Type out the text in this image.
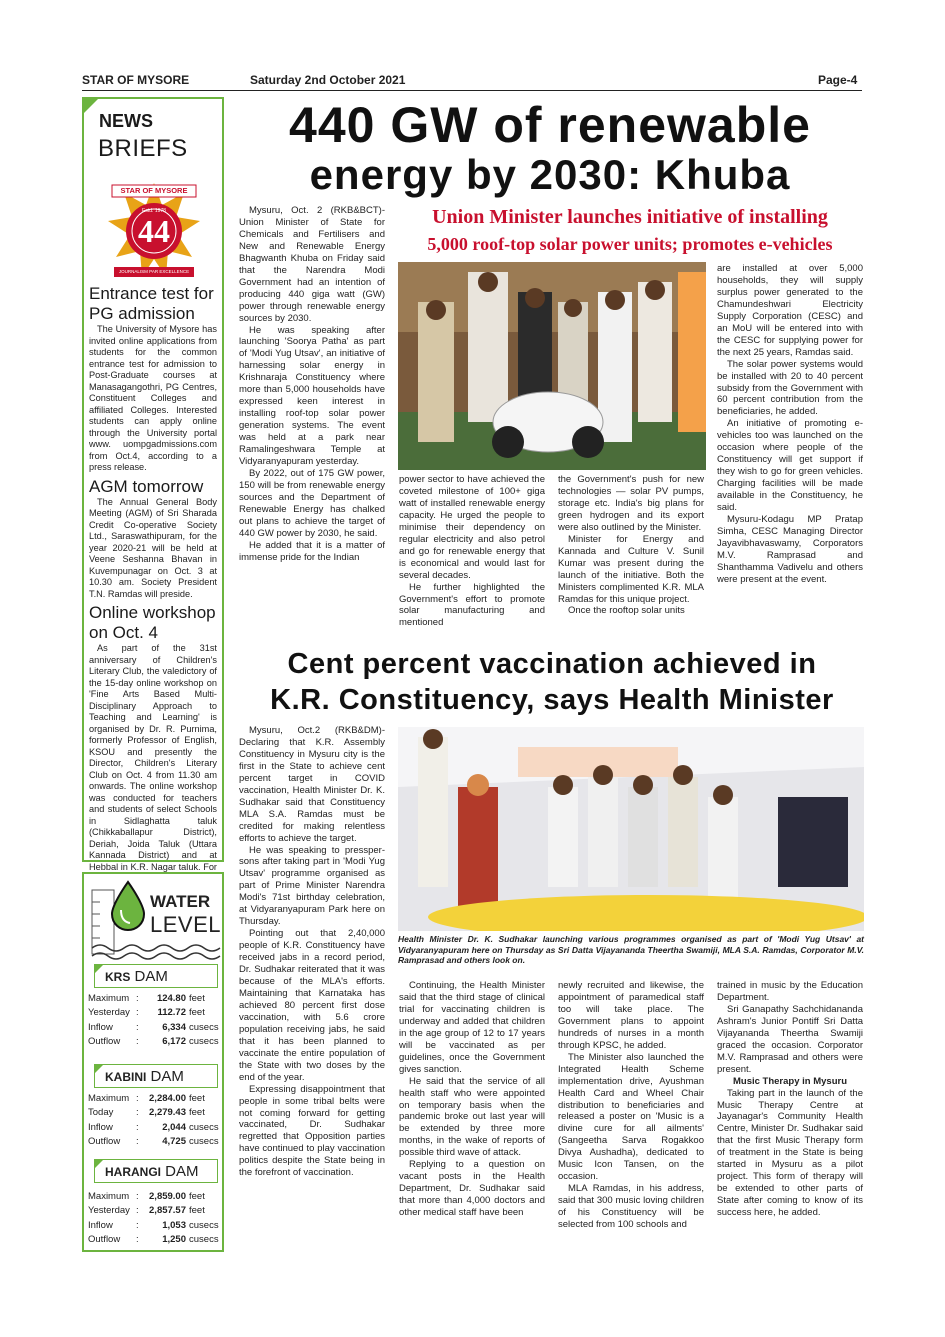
STAR OF MYSORE	Saturday 2nd October 2021	Page-4
NEWS
BRIEFS
STAR OF MYSORE
Estd. 1978
44
JOURNALISM PAR EXCELLENCE
Entrance test for PG admission
The University of Mysore has invited online applications from students for the common entrance test for admission to Post-Graduate courses at Manasagangothri, PG Centres, Constituent Colleges and affiliated Colleges. Interested students can apply online through the University portal www. uompgadmissions.com from Oct.4, according to a press release.
AGM tomorrow
The Annual General Body Meeting (AGM) of Sri Sharada Credit Co-operative Society Ltd., Saraswathipuram, for the year 2020-21 will be held at Veene Seshanna Bhavan in Kuvempunagar on Oct. 3 at 10.30 am. Society President T.N. Ramdas will preside.
Online workshop on Oct. 4
As part of the 31st anniversary of Children's Literary Club, the valedictory of the 15-day online workshop on 'Fine Arts Based Multi-Disciplinary Approach to Teaching and Learning' is organised by Dr. R. Purnima, formerly Professor of English, KSOU and presently the Director, Children's Literary Club on Oct. 4 from 11.30 am onwards. The online workshop was conducted for teachers and students of select Schools in Sidlaghatta taluk (Chikkaballapur District), Deriah, Joida Taluk (Uttara Kannada District) and at Hebbal in K.R. Nagar taluk. For
WATER
LEVEL
KRS DAM
Maximum :	124.80 feet
Yesterday :	112.72 feet
Inflow :	6,334 cusecs
Outflow :	6,172 cusecs
KABINI DAM
Maximum :	2,284.00 feet
Today :	2,279.43 feet
Inflow :	2,044 cusecs
Outflow :	4,725 cusecs
HARANGI DAM
Maximum :	2,859.00 feet
Yesterday :	2,857.57 feet
Inflow :	1,053 cusecs
Outflow :	1,250 cusecs
440 GW of renewable
energy by 2030: Khuba
Union Minister launches initiative of installing
5,000 roof-top solar power units; promotes e-vehicles

Mysuru, Oct. 2 (RKB&BCT)- Union Minister of State for Chemicals and Fertilisers and New and Renewable Energy Bhagwanth Khuba on Friday said that the Narendra Modi Government had an intention of producing 440 giga watt (GW) power through renewable energy sources by 2030.

He was speaking after launching 'Soorya Patha' as part of 'Modi Yug Utsav', an initiative of harnessing solar energy in Krishnaraja Constituency where more than 5,000 households have expressed keen interest in installing roof-top solar power generation systems. The event was held at a park near Ramalingeshwara Temple at Vidyaranyapuram yesterday.

By 2022, out of 175 GW power, 150 will be from renewable energy sources and the Department of Renewable Energy has chalked out plans to achieve the target of 440 GW power by 2030, he said.

He added that it is a matter of immense pride for the Indian

power sector to have achieved the coveted milestone of 100+ giga watt of installed renewable energy capacity. He urged the people to minimise their dependency on regular electricity and also petrol and go for renewable energy that is economical and would last for several decades.

He further highlighted the Government's effort to promote solar manufacturing and mentioned

the Government's push for new technologies — solar PV pumps, storage etc. India's big plans for green hydrogen and its export were also outlined by the Minister.

Minister for Energy and Kannada and Culture V. Sunil Kumar was present during the launch of the initiative. Both the Ministers complimented K.R. MLA Ramdas for this unique project.

Once the rooftop solar units

are installed at over 5,000 households, they will supply surplus power generated to the Chamundeshwari Electricity Supply Corporation (CESC) and an MoU will be entered into with the CESC for supplying power for the next 25 years, Ramdas said.

The solar power systems would be installed with 20 to 40 percent subsidy from the Government with 60 percent contribution from the beneficiaries, he added.

An initiative of promoting e-vehicles too was launched on the occasion where people of the Constituency will get support if they wish to go for green vehicles. Charging facilities will be made available in the Constituency, he said.

Mysuru-Kodagu MP Pratap Simha, CESC Managing Director Jayavibhavaswamy, Corporators M.V. Ramprasad and Shanthamma Vadivelu and others were present at the event.

Cent percent vaccination achieved in
K.R. Constituency, says Health Minister

Mysuru, Oct.2 (RKB&DM)- Declaring that K.R. Assembly Constituency in Mysuru city is the first in the State to achieve cent percent target in COVID vaccination, Health Minister Dr. K. Sudhakar said that Constituency MLA S.A. Ramdas must be credited for making relentless efforts to achieve the target.

He was speaking to pressper-sons after taking part in 'Modi Yug Utsav' programme organised as part of Prime Minister Narendra Modi's 71st birthday celebration, at Vidyaranyapuram Park here on Thursday.

Pointing out that 2,40,000 people of K.R. Constituency have received jabs in a record period, Dr. Sudhakar reiterated that it was because of the MLA's efforts. Maintaining that Karnataka has achieved 80 percent first dose vaccination, with 5.6 crore population receiving jabs, he said that it has been planned to vaccinate the entire population of the State with two doses by the end of the year.

Expressing disappointment that people in some tribal belts were not coming forward for getting vaccinated, Dr. Sudhakar regretted that Opposition parties have continued to play vaccination politics despite the State being in the forefront of vaccination.

Health Minister Dr. K. Sudhakar launching various programmes organised as part of 'Modi Yug Utsav' at Vidyaranyapuram here on Thursday as Sri Datta Vijayananda Theertha Swamiji, MLA S.A. Ramdas, Corporator M.V. Ramprasad and others look on.

Continuing, the Health Minister said that the third stage of clinical trial for vaccinating children is underway and added that children in the age group of 12 to 17 years will be vaccinated as per guidelines, once the Government gives sanction.

He said that the service of all health staff who were appointed on temporary basis when the pandemic broke out last year will be extended by three more months, in the wake of reports of possible third wave of attack.

Replying to a question on vacant posts in the Health Department, Dr. Sudhakar said that more than 4,000 doctors and other medical staff have been

newly recruited and likewise, the appointment of paramedical staff too will take place. The Government plans to appoint hundreds of nurses in a month through KPSC, he added.

The Minister also launched the Integrated Health Scheme implementation drive, Ayushman Health Card and Wheel Chair distribution to beneficiaries and released a poster on 'Music is a divine cure for all ailments' (Sangeetha Sarva Rogakkoo Divya Aushadha), dedicated to Music Icon Tansen, on the occasion.

MLA Ramdas, in his address, said that 300 music loving children of his Constituency will be selected from 100 schools and

trained in music by the Education Department.

Sri Ganapathy Sachchidananda Ashram's Junior Pontiff Sri Datta Vijayananda Theertha Swamiji graced the occasion. Corporator M.V. Ramprasad and others were present.

Music Therapy in Mysuru

Taking part in the launch of the Music Therapy Centre at Jayanagar's Community Health Centre, Minister Dr. Sudhakar said that the first Music Therapy form of treatment in the State is being started in Mysuru as a pilot project. This form of therapy will be extended to other parts of State after coming to know of its success here, he added.
